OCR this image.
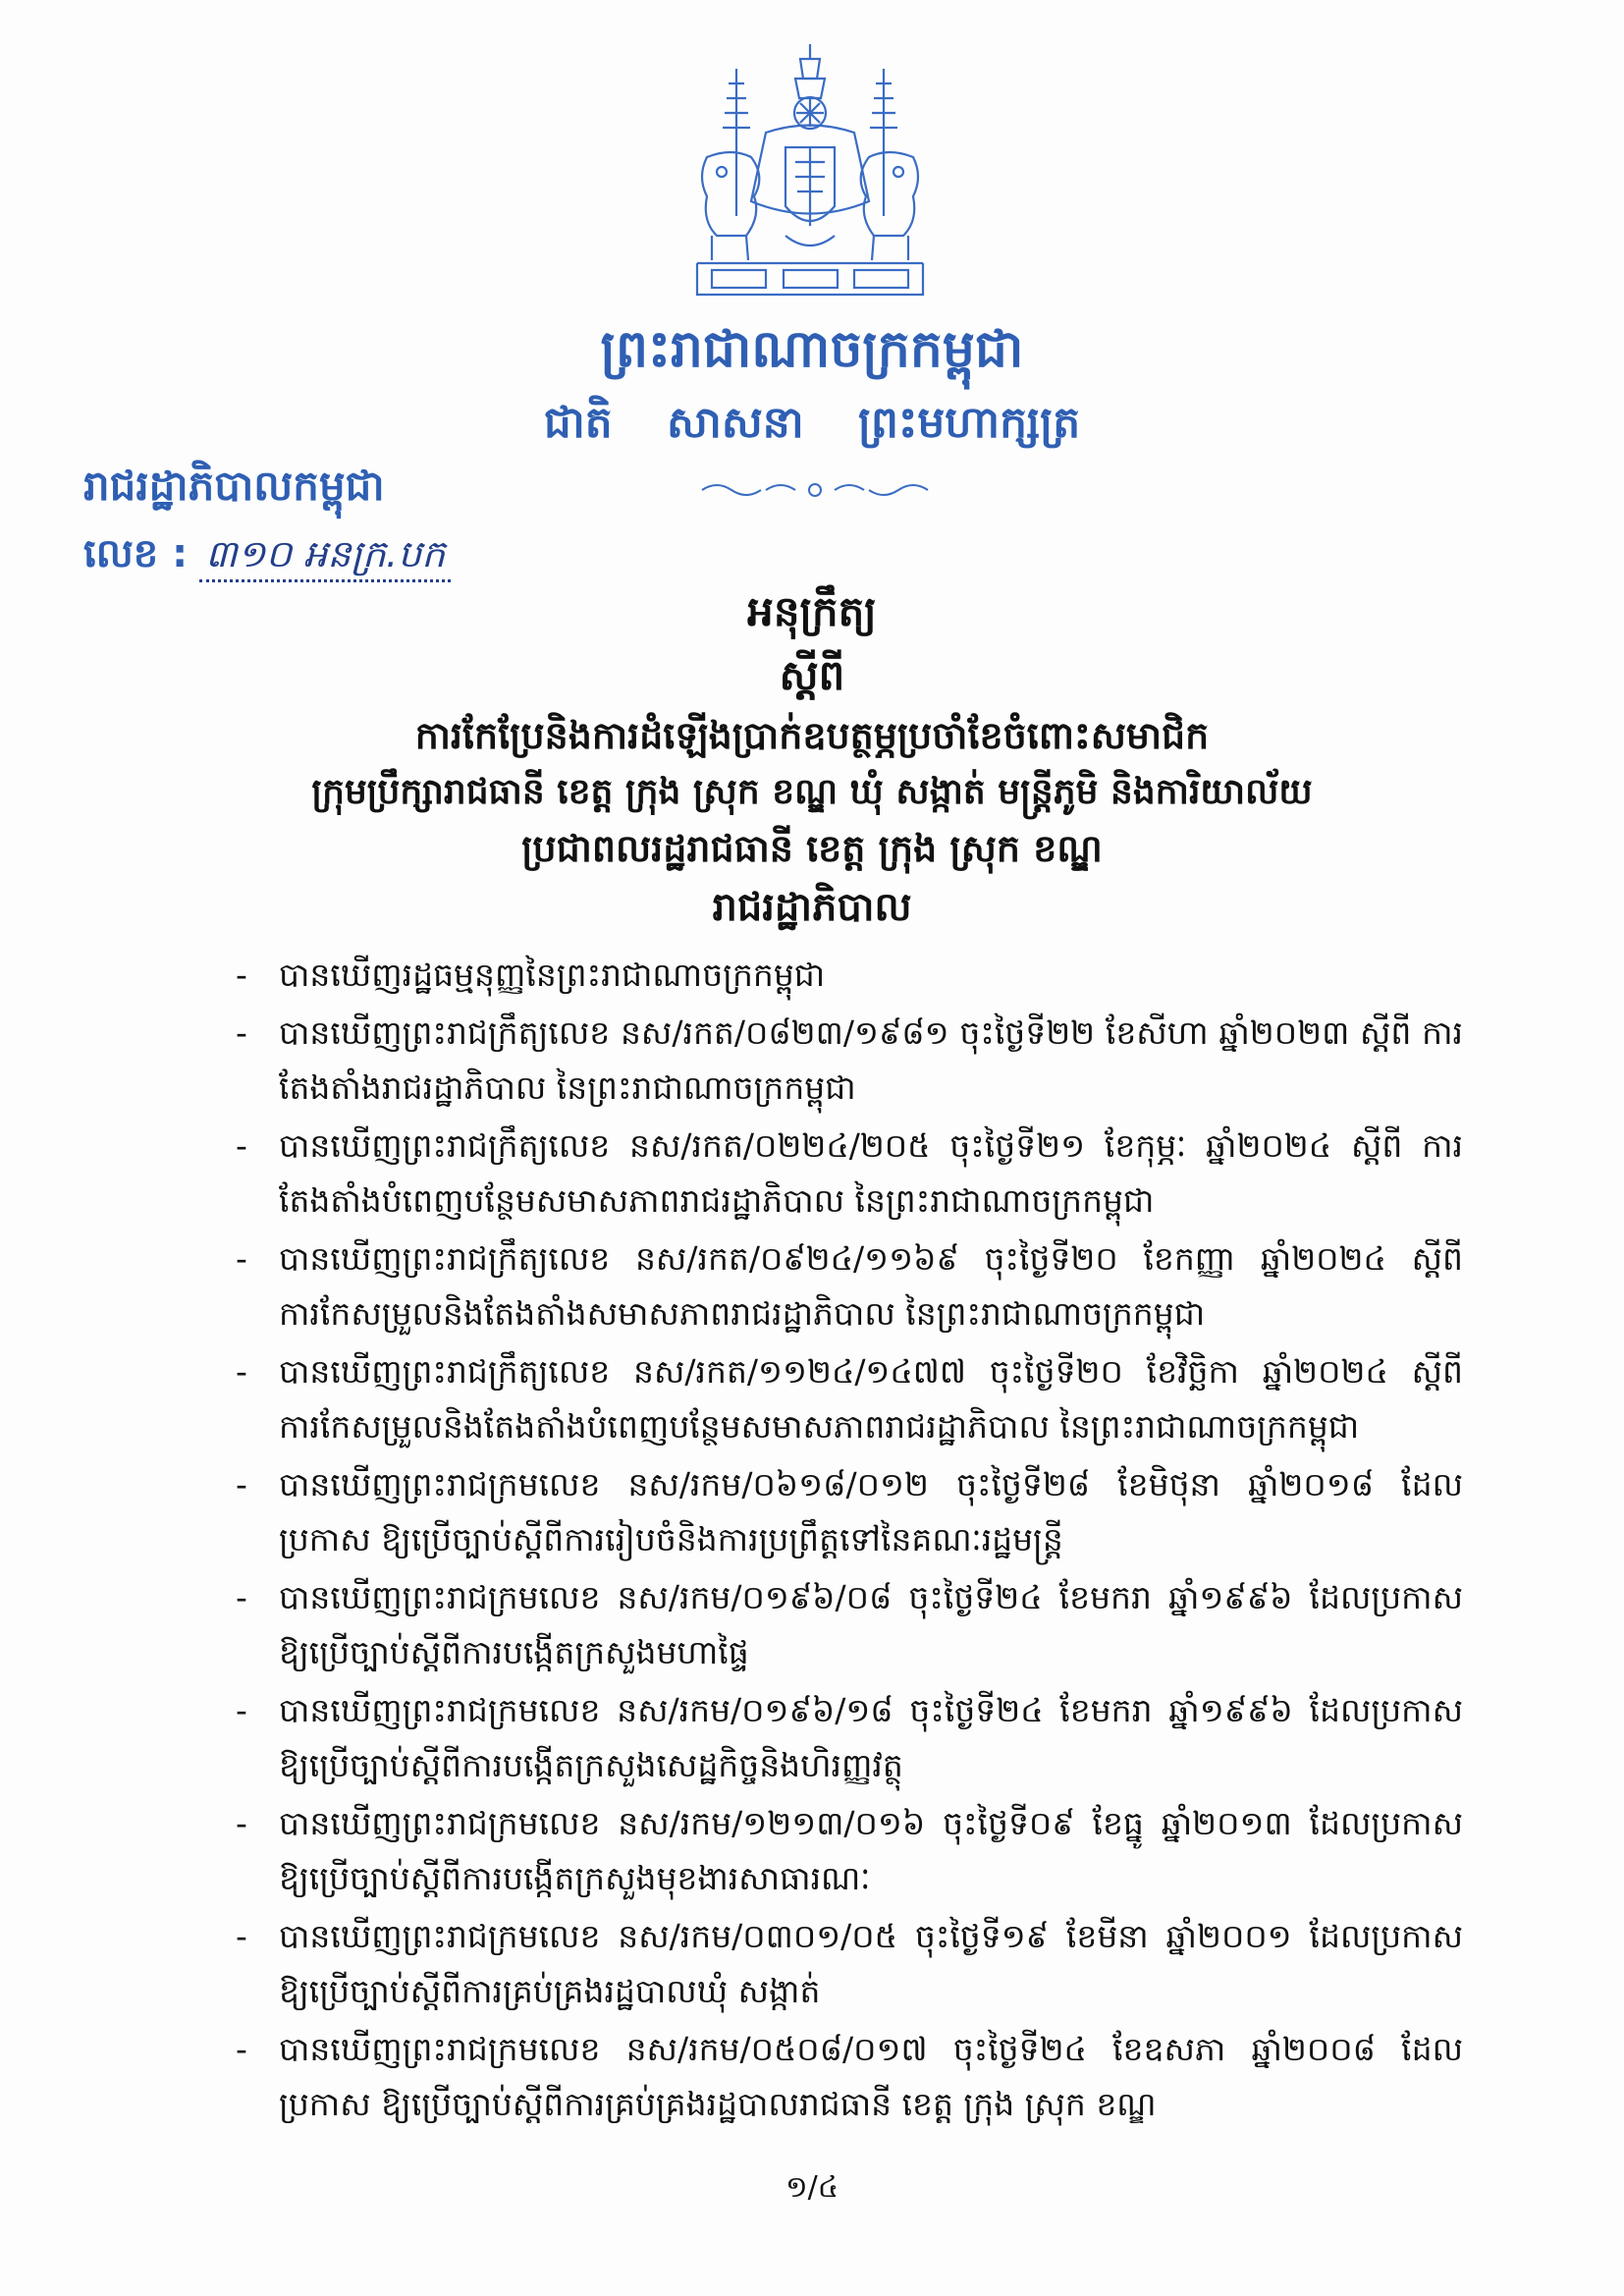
ព្រះរាជាណាចក្រកម្ពុជា
ជាតិ សាសនា ព្រះមហាក្សត្រ
រាជរដ្ឋាភិបាលកម្ពុជា
លេខ : ៣១០ អនក្រ.បក
អនុក្រឹត្យ
ស្តីពី
ការកែប្រែនិងការដំឡើងប្រាក់ឧបត្ថម្ភប្រចាំខែចំពោះសមាជិក
ក្រុមប្រឹក្សារាជធានី ខេត្ត ក្រុង ស្រុក ខណ្ឌ ឃុំ សង្កាត់ មន្ត្រីភូមិ និងការិយាល័យ
ប្រជាពលរដ្ឋរាជធានី ខេត្ត ក្រុង ស្រុក ខណ្ឌ
រាជរដ្ឋាភិបាល
- បានឃើញរដ្ឋធម្មនុញ្ញនៃព្រះរាជាណាចក្រកម្ពុជា
- បានឃើញព្រះរាជក្រឹត្យលេខ នស/រកត/០៨២៣/១៩៨១ ចុះថ្ងៃទី២២ ខែសីហា ឆ្នាំ២០២៣ ស្តីពី ការតែងតាំងរាជរដ្ឋាភិបាល នៃព្រះរាជាណាចក្រកម្ពុជា
- បានឃើញព្រះរាជក្រឹត្យលេខ នស/រកត/០២២៤/២០៥ ចុះថ្ងៃទី២១ ខែកុម្ភៈ ឆ្នាំ២០២៤ ស្តីពី ការតែងតាំងបំពេញបន្ថែមសមាសភាពរាជរដ្ឋាភិបាល នៃព្រះរាជាណាចក្រកម្ពុជា
- បានឃើញព្រះរាជក្រឹត្យលេខ នស/រកត/០៩២៤/១១៦៩ ចុះថ្ងៃទី២០ ខែកញ្ញា ឆ្នាំ២០២៤ ស្តីពី ការកែសម្រួលនិងតែងតាំងសមាសភាពរាជរដ្ឋាភិបាល នៃព្រះរាជាណាចក្រកម្ពុជា
- បានឃើញព្រះរាជក្រឹត្យលេខ នស/រកត/១១២៤/១៤៧៧ ចុះថ្ងៃទី២០ ខែវិច្ឆិកា ឆ្នាំ២០២៤ ស្តីពី ការកែសម្រួលនិងតែងតាំងបំពេញបន្ថែមសមាសភាពរាជរដ្ឋាភិបាល នៃព្រះរាជាណាចក្រកម្ពុជា
- បានឃើញព្រះរាជក្រមលេខ នស/រកម/០៦១៨/០១២ ចុះថ្ងៃទី២៨ ខែមិថុនា ឆ្នាំ២០១៨ ដែលប្រកាស ឱ្យប្រើច្បាប់ស្តីពីការរៀបចំនិងការប្រព្រឹត្តទៅនៃគណៈរដ្ឋមន្ត្រី
- បានឃើញព្រះរាជក្រមលេខ នស/រកម/០១៩៦/០៨ ចុះថ្ងៃទី២៤ ខែមករា ឆ្នាំ១៩៩៦ ដែលប្រកាស ឱ្យប្រើច្បាប់ស្តីពីការបង្កើតក្រសួងមហាផ្ទៃ
- បានឃើញព្រះរាជក្រមលេខ នស/រកម/០១៩៦/១៨ ចុះថ្ងៃទី២៤ ខែមករា ឆ្នាំ១៩៩៦ ដែលប្រកាស ឱ្យប្រើច្បាប់ស្តីពីការបង្កើតក្រសួងសេដ្ឋកិច្ចនិងហិរញ្ញវត្ថុ
- បានឃើញព្រះរាជក្រមលេខ នស/រកម/១២១៣/០១៦ ចុះថ្ងៃទី០៩ ខែធ្នូ ឆ្នាំ២០១៣ ដែលប្រកាស ឱ្យប្រើច្បាប់ស្តីពីការបង្កើតក្រសួងមុខងារសាធារណៈ
- បានឃើញព្រះរាជក្រមលេខ នស/រកម/០៣០១/០៥ ចុះថ្ងៃទី១៩ ខែមីនា ឆ្នាំ២០០១ ដែលប្រកាស ឱ្យប្រើច្បាប់ស្តីពីការគ្រប់គ្រងរដ្ឋបាលឃុំ សង្កាត់
- បានឃើញព្រះរាជក្រមលេខ នស/រកម/០៥០៨/០១៧ ចុះថ្ងៃទី២៤ ខែឧសភា ឆ្នាំ២០០៨ ដែលប្រកាស ឱ្យប្រើច្បាប់ស្តីពីការគ្រប់គ្រងរដ្ឋបាលរាជធានី ខេត្ត ក្រុង ស្រុក ខណ្ឌ
១/៤
